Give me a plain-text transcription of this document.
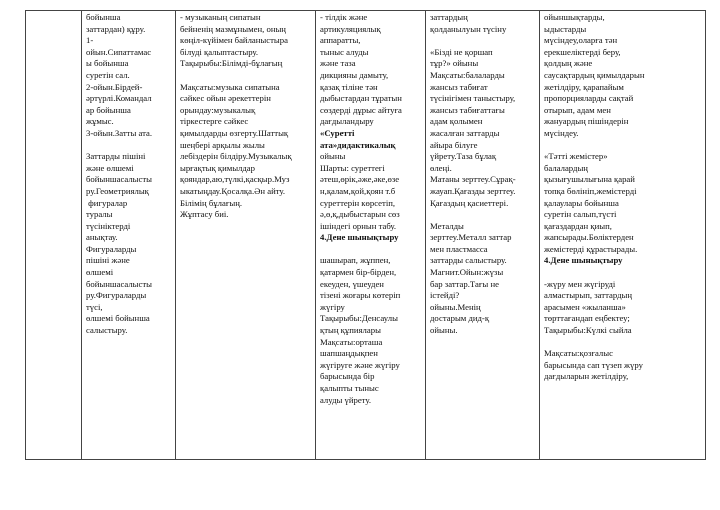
бойынша
заттардан) құру.
1-
ойын.Сипаттамас
ы бойынша
суретін сал.
2-ойын.Бірдей-
әртүрлі.Командал
ар бойынша
жұмыс.
3-ойын.Затты ата.
Заттарды пішіні
және өлшемі
бойыншасалысты
ру.Геометриялық
фигуралар
туралы
түсініктерді
анықтау.
Фигураларды
пішіні және
өлшемі
бойыншасалысты
ру.Фигураларды
түсі,
өлшемі бойынша
салыстыру.

- музыканың сипатын
бейненің мазмұнымен, оның
көңіл-күйімен байланыстыра
білуді қалыптастыру.
Тақырыбы:Білімді-бұлағың
Мақсаты:музыка сипатына
сәйкес ойын әрекеттерін
орындау:музыкалық
тіркестерге сәйкес
қимылдарды өзгерту.Шаттық
шеңбері арқылы жылы
лебіздерін білдіру.Музыкалық
ырғақтық қимылдар
қояндар,аю,түлкі,қасқыр.Муз
ыкатыңдау.Қосалқа.Ән айту.
Білімің бұлағың.
Жұптасу биі.

- тілдік және
артикуляциялық
аппаратты,
тыныс алуды
және таза
дикцияны дамыту,
қазақ тіліне тән
дыбыстардан тұратын
сөздерді дұрыс айтуға
дағдыландыру
«Суретті
ата»дидактикалық
ойыны
Шарты: суреттегі
әтеш,өрік,әже,әке,өзе
н,қалам,қой,қоян т.б
суреттерін көрсетіп,
ә,ө,қ,дыбыстарын сөз
ішіндегі орнын табу.
4.Дене шынықтыру
шашырап, жұппен,
қатармен бір-бірден,
екеуден, үшеуден
тізені жоғары көтеріп
жүгіру
Тақырыбы:Денсаулы
қтың құпиялары
Мақсаты:орташа
шапшаңдықпен
жүгіруге және жүгіру
барысында бір
қалыпты тыныс
алуды үйрету.

заттардың
қолданылуын түсіну
«Бізді не қоршап
тұр?» ойыны
Мақсаты:балаларды
жансыз табиғат
түсінігімен таныстыру,
жансыз табиғаттағы
адам қолымен
жасалған заттарды
айыра білуге
үйрету.Таза бұлақ
өлеңі.
Матаны зерттеу.Сұрақ-
жауап.Қағазды зерттеу.
Қағаздың қасиеттері.
Металды
зерттеу.Металл заттар
мен пластмасса
заттарды салыстыру.
Магнит.Ойын:жүзы
бар заттар.Тағы не
істейді?
ойыны.Менің
достарым дид-қ
ойыны.

ойыншықтарды,
ыдыстарды
мүсіндеу,оларға тән
ерекшеліктерді беру,
қолдың және
саусақтардың қимылдарын
жетілдіру, қарапайым
пропорцияларды сақтай
отырып, адам мен
жануардың пішіндерін
мүсіндеу.
«Тәтті жемістер»
балалардың
қызығушылығына қарай
топқа бөлініп,жемістерді
қалаулары бойынша
суретін салып,түсті
қағаздардан қиып,
жапсырады.Бөліктерден
жемістерді құрастырады.
4.Дене шынықтыру
-жүру мен жүгіруді
алмастырып, заттардың
арасымен «жыланша»
төрттағандап еңбектеу;
Тақырыбы:Күлкі сыйла
Мақсаты:қозғалыс
барысында сап түзеп жүру
дағдыларын жетілдіру,
